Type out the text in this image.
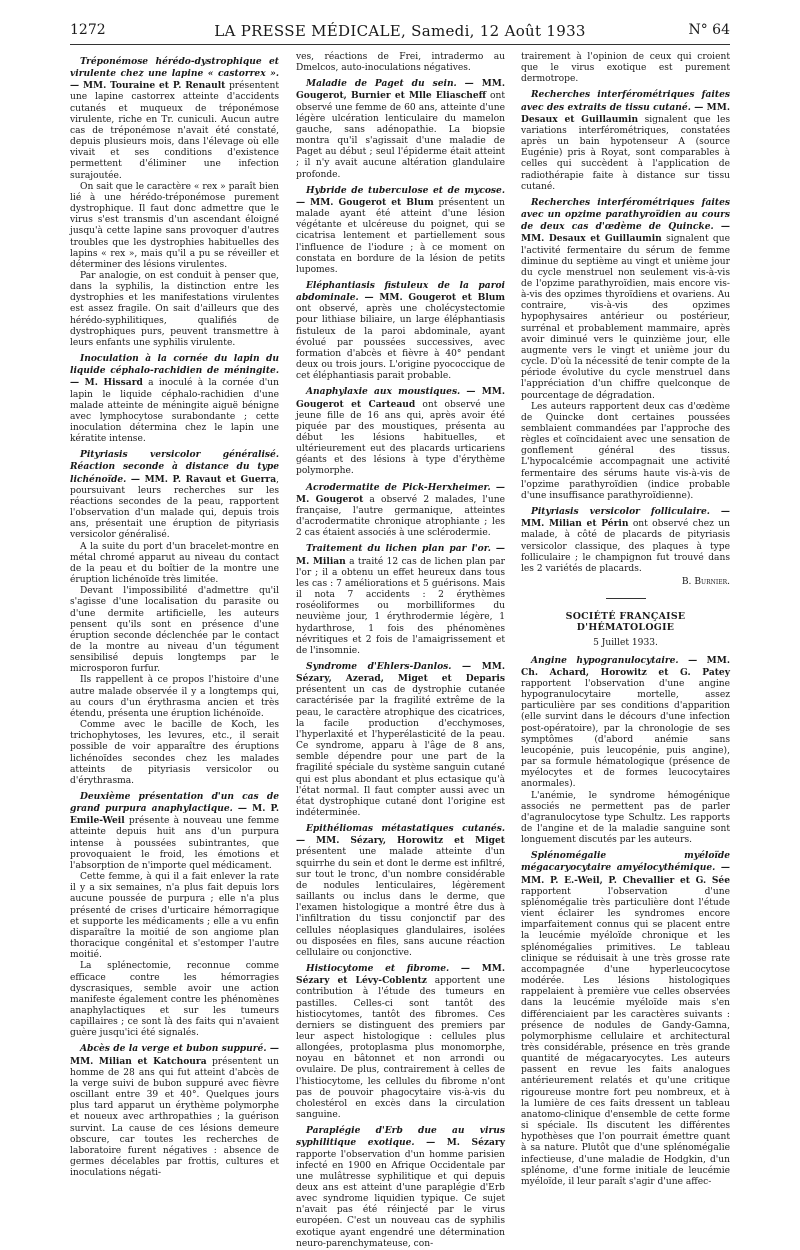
1272	LA PRESSE MÉDICALE, Samedi, 12 Août 1933	N° 64

Tréponémose hérédo-dystrophique et virulente chez une lapine « castorrex ». — MM. Touraine et P. Renault présentent une lapine castorrex atteinte d'accidents cutanés et muqueux de tréponémose virulente, riche en Tr. cuniculi. Aucun autre cas de tréponémose n'avait été constaté, depuis plusieurs mois, dans l'élevage où elle vivait et ses conditions d'existence permettent d'éliminer une infection surajoutée.

On sait que le caractère « rex » paraît bien lié à une hérédo-tréponémose purement dystrophique. Il faut donc admettre que le virus s'est transmis d'un ascendant éloigné jusqu'à cette lapine sans provoquer d'autres troubles que les dystrophies habituelles des lapins « rex », mais qu'il a pu se réveiller et déterminer des lésions virulentes.

Par analogie, on est conduit à penser que, dans la syphilis, la distinction entre les dystrophies et les manifestations virulentes est assez fragile. On sait d'ailleurs que des hérédo-syphilitiques, qualifiés de dystrophiques purs, peuvent transmettre à leurs enfants une syphilis virulente.

Inoculation à la cornée du lapin du liquide céphalo-rachidien de méningite. — M. Hissard a inoculé à la cornée d'un lapin le liquide céphalo-rachidien d'une malade atteinte de méningite aiguë bénigne avec lymphocytose surabondante ; cette inoculation détermina chez le lapin une kératite intense.

Pityriasis versicolor généralisé. Réaction seconde à distance du type lichénoïde. — MM. P. Ravaut et Guerra, poursuivant leurs recherches sur les réactions secondes de la peau, rapportent l'observation d'un malade qui, depuis trois ans, présentait une éruption de pityriasis versicolor généralisé.

A la suite du port d'un bracelet-montre en métal chromé apparut au niveau du contact de la peau et du boîtier de la montre une éruption lichénoïde très limitée.

Devant l'impossibilité d'admettre qu'il s'agisse d'une localisation du parasite ou d'une dermite artificielle, les auteurs pensent qu'ils sont en présence d'une éruption seconde déclenchée par le contact de la montre au niveau d'un tégument sensibilisé depuis longtemps par le microsporon furfur.

Ils rappellent à ce propos l'histoire d'une autre malade observée il y a longtemps qui, au cours d'un érythrasma ancien et très étendu, présenta une éruption lichénoïde.

Comme avec le bacille de Koch, les trichophytoses, les levures, etc., il serait possible de voir apparaître des éruptions lichénoïdes secondes chez les malades atteints de pityriasis versicolor ou d'érythrasma.

Deuxième présentation d'un cas de grand purpura anaphylactique. — M. P. Emile-Weil présente à nouveau une femme atteinte depuis huit ans d'un purpura intense à poussées subintrantes, que provoquaient le froid, les émotions et l'absorption de n'importe quel médicament.

Cette femme, à qui il a fait enlever la rate il y a six semaines, n'a plus fait depuis lors aucune poussée de purpura ; elle n'a plus présenté de crises d'urticaire hémorragique et supporte les médicaments ; elle a vu enfin disparaître la moitié de son angiome plan thoracique congénital et s'estomper l'autre moitié.

La splénectomie, reconnue comme efficace contre les hémorragies dyscrasiques, semble avoir une action manifeste également contre les phénomènes anaphylactiques et sur les tumeurs capillaires ; ce sont là des faits qui n'avaient guère jusqu'ici été signalés.

Abcès de la verge et bubon suppuré. — MM. Milian et Katchoura présentent un homme de 28 ans qui fut atteint d'abcès de la verge suivi de bubon suppuré avec fièvre oscillant entre 39 et 40°. Quelques jours plus tard apparut un érythème polymorphe et noueux avec arthropathies ; la guérison survint. La cause de ces lésions demeure obscure, car toutes les recherches de laboratoire furent négatives : absence de germes décelables par frottis, cultures et inoculations négati-

ves, réactions de Frei, intradermo au Dmelcos, auto-inoculations négatives.

Maladie de Paget du sein. — MM. Gougerot, Burnier et Mlle Eliascheff ont observé une femme de 60 ans, atteinte d'une légère ulcération lenticulaire du mamelon gauche, sans adénopathie. La biopsie montra qu'il s'agissait d'une maladie de Paget au début ; seul l'épiderme était atteint ; il n'y avait aucune altération glandulaire profonde.

Hybride de tuberculose et de mycose. — MM. Gougerot et Blum présentent un malade ayant été atteint d'une lésion végétante et ulcéreuse du poignet, qui se cicatrisa lentement et partiellement sous l'influence de l'iodure ; à ce moment on constata en bordure de la lésion de petits lupomes.

Eléphantiasis fistuleux de la paroi abdominale. — MM. Gougerot et Blum ont observé, après une cholécystectomie pour lithiase biliaire, un large éléphantiasis fistuleux de la paroi abdominale, ayant évolué par poussées successives, avec formation d'abcès et fièvre à 40° pendant deux ou trois jours. L'origine pyococcique de cet éléphantiasis parait probable.

Anaphylaxie aux moustiques. — MM. Gougerot et Carteaud ont observé une jeune fille de 16 ans qui, après avoir été piquée par des moustiques, présenta au début les lésions habituelles, et ultérieurement eut des placards urticariens géants et des lésions à type d'érythème polymorphe.

Acrodermatite de Pick-Herxheimer. — M. Gougerot a observé 2 malades, l'une française, l'autre germanique, atteintes d'acrodermatite chronique atrophiante ; les 2 cas étaient associés à une sclérodermie.

Traitement du lichen plan par l'or. — M. Milian a traité 12 cas de lichen plan par l'or ; il a obtenu un effet heureux dans tous les cas : 7 améliorations et 5 guérisons. Mais il nota 7 accidents : 2 érythèmes roséoliformes ou morbilliformes du neuvième jour, 1 érythrodermie légère, 1 hydarthrose, 1 fois des phénomènes névritiques et 2 fois de l'amaigrissement et de l'insomnie.

Syndrome d'Ehlers-Danlos. — MM. Sézary, Azerad, Miget et Deparis présentent un cas de dystrophie cutanée caractérisée par la fragilité extrême de la peau, le caractère atrophique des cicatrices, la facile production d'ecchymoses, l'hyperlaxité et l'hyperélasticité de la peau. Ce syndrome, apparu à l'âge de 8 ans, semble dépendre pour une part de la fragilité spéciale du système sanguin cutané qui est plus abondant et plus ectasique qu'à l'état normal. Il faut compter aussi avec un état dystrophique cutané dont l'origine est indéterminée.

Epithéliomas métastatiques cutanés. — MM. Sézary, Horowitz et Miget présentent une malade atteinte d'un squirrhe du sein et dont le derme est infiltré, sur tout le tronc, d'un nombre considérable de nodules lenticulaires, légèrement saillants ou inclus dans le derme, que l'examen histologique a montré être dus à l'infiltration du tissu conjonctif par des cellules néoplasiques glandulaires, isolées ou disposées en files, sans aucune réaction cellulaire ou conjonctive.

Histiocytome et fibrome. — MM. Sézary et Lévy-Coblentz apportent une contribution à l'étude des tumeurs en pastilles. Celles-ci sont tantôt des histiocytomes, tantôt des fibromes. Ces derniers se distinguent des premiers par leur aspect histologique : cellules plus allongées, protoplasma plus monomorphe, noyau en bâtonnet et non arrondi ou ovulaire. De plus, contrairement à celles de l'histiocytome, les cellules du fibrome n'ont pas de pouvoir phagocytaire vis-à-vis du cholestérol en excès dans la circulation sanguine.

Paraplégie d'Erb due au virus syphilitique exotique. — M. Sézary rapporte l'observation d'un homme parisien infecté en 1900 en Afrique Occidentale par une mulâtresse syphilitique et qui depuis deux ans est atteint d'une paraplégie d'Erb avec syndrome liquidien typique. Ce sujet n'avait pas été réinjecté par le virus européen. C'est un nouveau cas de syphilis exotique ayant engendré une détermination neuro-parenchymateuse, con-

trairement à l'opinion de ceux qui croient que le virus exotique est purement dermotrope.

Recherches interférométriques faites avec des extraits de tissu cutané. — MM. Desaux et Guillaumin signalent que les variations interférométriques, constatées après un bain hypotenseur A (source Eugénie) pris à Royat, sont comparables à celles qui succèdent à l'application de radiothérapie faite à distance sur tissu cutané.

Recherches interférométriques faites avec un opzime parathyroïdien au cours de deux cas d'œdème de Quincke. — MM. Desaux et Guillaumin signalent que l'activité fermentaire du sérum de femme diminue du septième au vingt et unième jour du cycle menstruel non seulement vis-à-vis de l'opzime parathyroïdien, mais encore vis-à-vis des opzimes thyroïdiens et ovariens. Au contraire, vis-à-vis des opzimes hypophysaires antérieur ou postérieur, surrénal et probablement mammaire, après avoir diminué vers le quinzième jour, elle augmente vers le vingt et unième jour du cycle. D'où la nécessité de tenir compte de la période évolutive du cycle menstruel dans l'appréciation d'un chiffre quelconque de pourcentage de dégradation.

Les auteurs rapportent deux cas d'œdème de Quincke dont certaines poussées semblaient commandées par l'approche des règles et coïncidaient avec une sensation de gonflement général des tissus. L'hypocalcémie accompagnait une activité fermentaire des sérums haute vis-à-vis de l'opzime parathyroïdien (indice probable d'une insuffisance parathyroïdienne).

Pityriasis versicolor folliculaire. — MM. Milian et Périn ont observé chez un malade, à côté de placards de pityriasis versicolor classique, des plaques à type folliculaire ; le champignon fut trouvé dans les 2 variétés de placards.

B. Burnier.
SOCIÉTÉ FRANÇAISE D'HÉMATOLOGIE
5 Juillet 1933.

Angine hypogranulocytaire. — MM. Ch. Achard, Horowitz et G. Patey rapportent l'observation d'une angine hypogranulocytaire mortelle, assez particulière par ses conditions d'apparition (elle survint dans le décours d'une infection post-opératoire), par la chronologie de ses symptômes (d'abord anémie sans leucopénie, puis leucopénie, puis angine), par sa formule hématologique (présence de myélocytes et de formes leucocytaires anormales).

L'anémie, le syndrome hémogénique associés ne permettent pas de parler d'agranulocytose type Schultz. Les rapports de l'angine et de la maladie sanguine sont longuement discutés par les auteurs.

Splénomégalie myéloïde mégacaryocytaire amyélocythémique. — MM. P. E.-Weil, P. Chevallier et G. Sée rapportent l'observation d'une splénomégalie très particulière dont l'étude vient éclairer les syndromes encore imparfaitement connus qui se placent entre la leucémie myéloïde chronique et les splénomégalies primitives. Le tableau clinique se réduisait à une très grosse rate accompagnée d'une hyperleucocytose modérée. Les lésions histologiques rappelaient à première vue celles observées dans la leucémie myéloïde mais s'en différenciaient par les caractères suivants : présence de nodules de Gandy-Gamna, polymorphisme cellulaire et architectural très considérable, présence en très grande quantité de mégacaryocytes. Les auteurs passent en revue les faits analogues antérieurement relatés et qu'une critique rigoureuse montre fort peu nombreux, et à la lumière de ces faits dressent un tableau anatomo-clinique d'ensemble de cette forme si spéciale. Ils discutent les différentes hypothèses que l'on pourrait émettre quant à sa nature. Plutôt que d'une splénomégalie infectieuse, d'une maladie de Hodgkin, d'un splénome, d'une forme initiale de leucémie myéloïde, il leur paraît s'agir d'une affec-
